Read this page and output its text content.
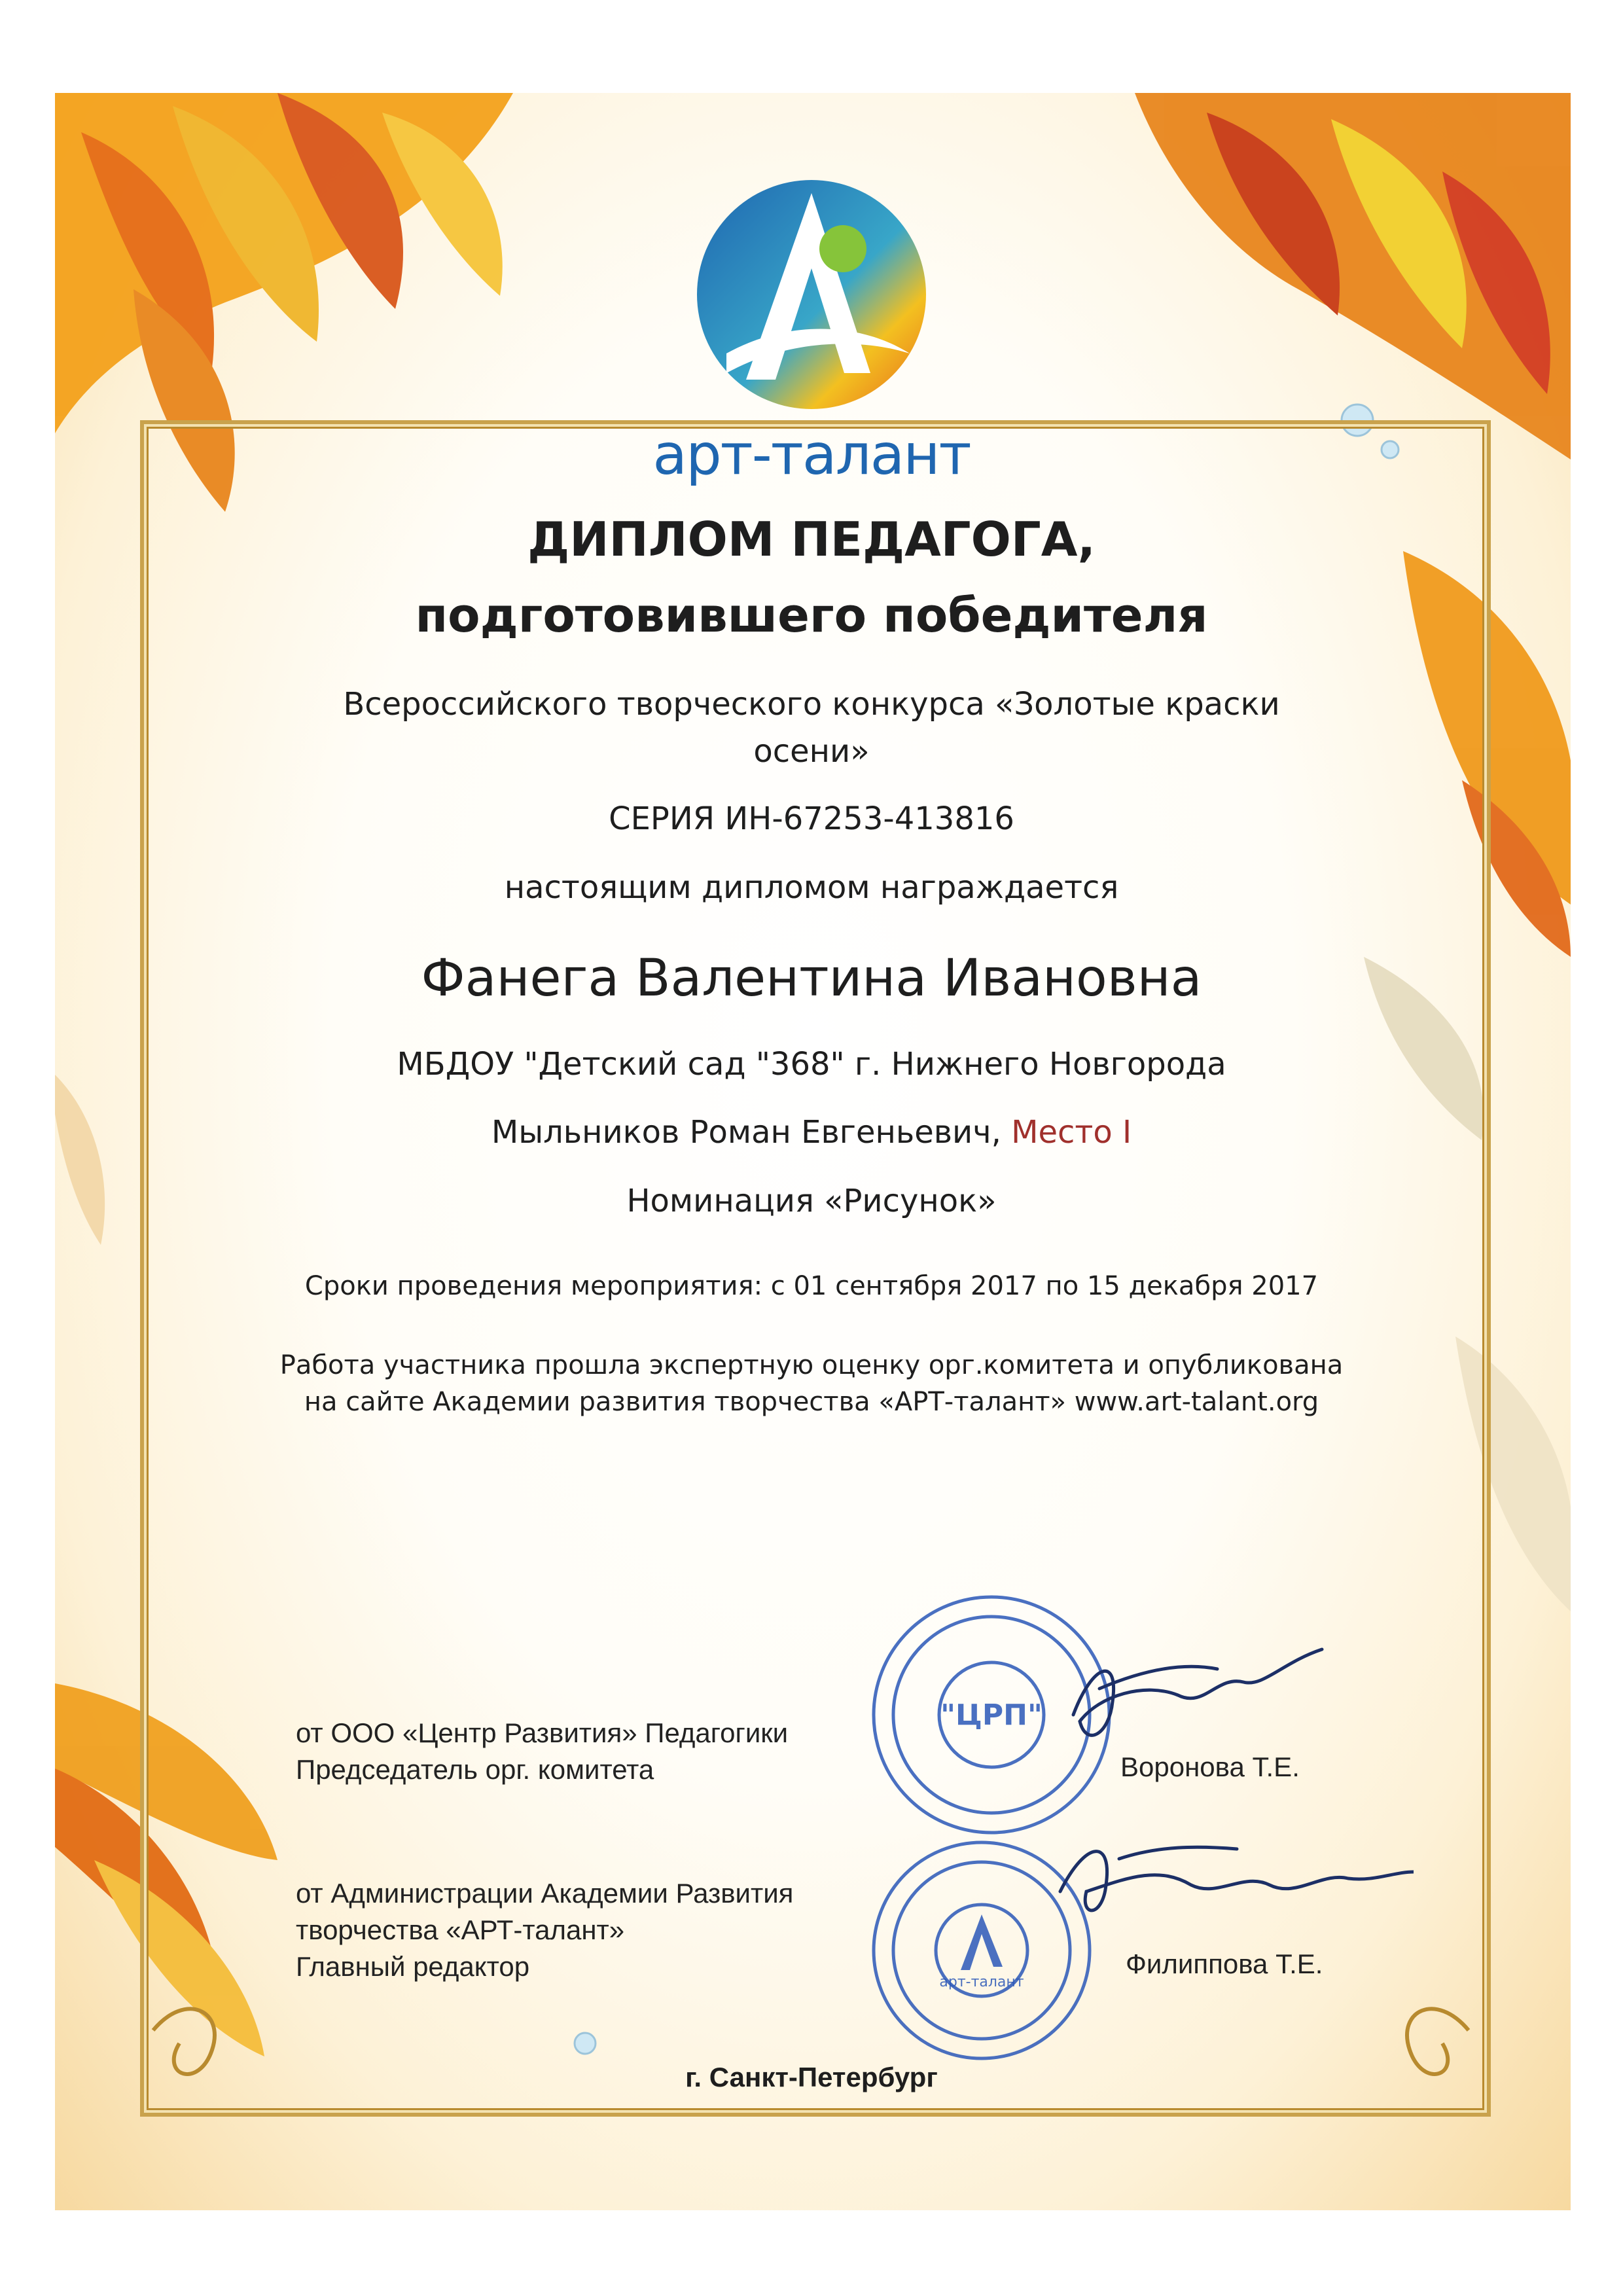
арт-талант
ДИПЛОМ ПЕДАГОГА,
подготовившего победителя
Всероссийского творческого конкурса «Золотые краски осени»
СЕРИЯ ИН-67253-413816
настоящим дипломом награждается
Фанега Валентина Ивановна
МБДОУ "Детский сад "368" г. Нижнего Новгорода
Мыльников Роман Евгеньевич, Место I
Номинация «Рисунок»
Сроки проведения мероприятия: с 01 сентября 2017 по 15 декабря 2017
Работа участника прошла экспертную оценку орг.комитета и опубликована
на сайте Академии развития творчества «АРТ-талант» www.art-talant.org
"ЦРП"
арт-талант
от ООО «Центр Развития» Педагогики
Председатель орг. комитета	Воронова Т.Е.
от Администрации Академии Развития
творчества «АРТ-талант»
Главный редактор	Филиппова Т.Е.
г. Санкт-Петербург
